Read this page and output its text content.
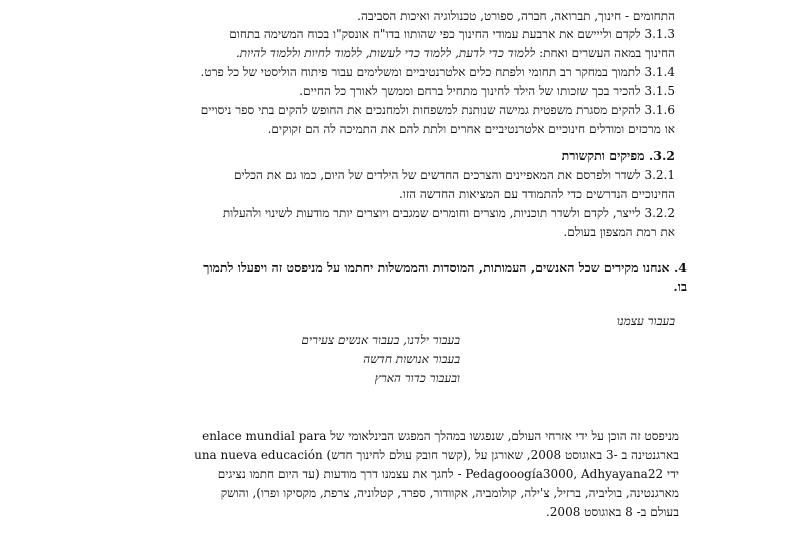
התחומים - חינוך, תברואה, חברה, ספורט, טכנולוגיה ואיכות הסביבה.
3.1.3 לקדם ולייישם את ארבעת עמודי החינוך כפי שהותוו בדו"ח אונסק"ו בכוח המשימה בתחום
החינוך במאה העשרים ואחת: ללמוד כדי לדעת, ללמוד כדי לעשות, ללמוד לחיות וללמוד להיות.
3.1.4 לתמוך במחקר רב תחומי ולפתח כלים אלטרנטיביים ומשלימים עבור פיתוח הוליסטי של כל פרט.
3.1.5 להכיר בכך שזכותו של הילד לחינוך מתחיל ברחם וממשך לאורך כל החיים.
3.1.6 להקים מסגרת משפטית גמישה שנותנת למשפחות ולמחנכים את החופש להקים בתי ספר ניסויים
או מרכזים ומודלים חינוכיים אלטרנטיביים אחרים ולתת להם את התמיכה לה הם זקוקים.
3.2. מפיקים ותקשורת
3.2.1 לשדר ולפרסם את המאפיינים והצרכים החדשים של הילדים של היום, כמו גם את הכלים
החינוכיים הנדרשים כדי להתמודד עם המציאות החדשה הזו.
3.2.2 לייצר, לקדם ולשדר תוכניות, מוצרים וחומרים שמגבים ויוצרים יותר מודעות לשינוי ולהעלות
את רמת המצפון בעולם.
4. אנחנו מקירים שכל האנשים, העמותות, המוסדות והממשלות יחתמו על מניפסט זה ויפעלו לתמוך
בו.
בעבור עצמנו
בעבור ילדנו, בעבור אנשים צעירים
בעבור אנושות חדשה
ובעבור כדור הארץ
מניפסט זה הוכן על ידי אזרחי העולם, שנפגשו במהלך המפגש הבינלאומי של enlace mundial para
una nueva educación (קשר חובק עולם לחינוך חדש), בארגנטינה ב -3 באוגוסט 2008, שאורגן על
ידי Pedagooogía3000, Adhyayana22 - לחגך את עצמנו דרך מודעות (עד היום חתמו נציגים
מארגנטינה, בוליביה, ברזיל, צ'ילה, קולומביה, אקוודור, ספרד, קטלוניה, צרפת, מקסיקו ופרו), והושק
בעולם ב- 8 באוגוסט 2008.
